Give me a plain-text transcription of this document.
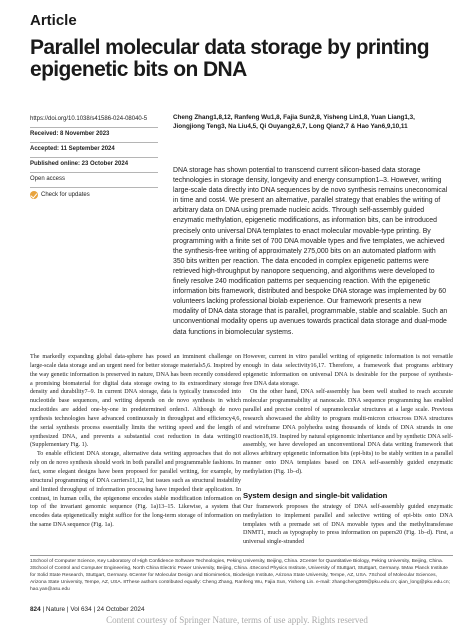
Article
Parallel molecular data storage by printing epigenetic bits on DNA
https://doi.org/10.1038/s41586-024-08040-5
Received: 8 November 2023
Accepted: 11 September 2024
Published online: 23 October 2024
Open access
Check for updates
Cheng Zhang1,8,12, Ranfeng Wu1,8, Fajia Sun2,8, Yisheng Lin1,8, Yuan Liang1,3, Jiongjiong Teng3, Na Liu4,5, Qi Ouyang2,6,7, Long Qian2,7 & Hao Yan6,9,10,11

DNA storage has shown potential to transcend current silicon-based data storage technologies in storage density, longevity and energy consumption1–3. However, writing large-scale data directly into DNA sequences by de novo synthesis remains uneconomical in time and cost4. We present an alternative, parallel strategy that enables the writing of arbitrary data on DNA using premade nucleic acids. Through self-assembly guided enzymatic methylation, epigenetic modifications, as information bits, can be introduced precisely onto universal DNA templates to enact molecular movable-type printing. By programming with a finite set of 700 DNA movable types and five templates, we achieved the synthesis-free writing of approximately 275,000 bits on an automated platform with 350 bits written per reaction. The data encoded in complex epigenetic patterns were retrieved high-throughput by nanopore sequencing, and algorithms were developed to finely resolve 240 modification patterns per sequencing reaction. With the epigenetic information bits framework, distributed and bespoke DNA storage was implemented by 60 volunteers lacking professional biolab experience. Our framework presents a new modality of DNA data storage that is parallel, programmable, stable and scalable. Such an unconventional modality opens up avenues towards practical data storage and dual-mode data functions in biomolecular systems.

The markedly expanding global data-sphere has posed an imminent challenge on large-scale data storage and an urgent need for better storage materials5,6. Inspired by the way genetic information is preserved in nature, DNA has been recently considered a promising biomaterial for digital data storage owing to its extraordinary storage density and durability7–9. In current DNA storage, data is typically transcoded into nucleotide base sequences, and writing depends on de novo synthesis in which nucleotides are added one-by-one in predetermined orders1. Although de novo synthesis technologies have advanced continuously in throughput and efficiency4,6, the serial synthesis process essentially limits the writing speed and the length of synthesized DNA, and prevents a substantial cost reduction in data writing10 (Supplementary Fig. 1).

To enable efficient DNA storage, alternative data writing approaches that do not rely on de novo synthesis should work in both parallel and programmable fashions. In fact, some elegant designs have been proposed for parallel writing, for example, by structural programming of DNA carriers11,12, but issues such as structural instability and limited throughput of information processing have impeded their application. In contrast, in human cells, the epigenome encodes stable modification information on top of the invariant genomic sequence (Fig. 1a)13–15. Likewise, a system that encodes data epigenetically might suffice for the long-term storage of information on the same DNA sequence (Fig. 1a).

However, current in vitro parallel writing of epigenetic information is not versatile enough in data selectivity16,17. Therefore, a framework that programs arbitrary epigenetic information on universal DNA is desirable for the purpose of synthesis-free DNA data storage.

On the other hand, DNA self-assembly has been well studied to reach accurate molecular programmability at nanoscale. DNA sequence programming has enabled parallel and precise control of supramolecular structures at a large scale. Previous research showcased the ability to program multi-micron crisscross DNA structures and wireframe DNA polyhedra using thousands of kinds of DNA strands in one reaction18,19. Inspired by natural epigenomic inheritance and by synthetic DNA self-assembly, we have developed an unconventional DNA data writing framework that allows arbitrary epigenetic information bits (epi-bits) to be stably written in a parallel manner onto DNA templates based on DNA self-assembly guided enzymatic methylation (Fig. 1b–d).

System design and single-bit validation

Our framework proposes the strategy of DNA self-assembly guided enzymatic methylation to implement parallel and selective writing of epi-bits onto DNA templates with a premade set of DNA movable types and the methyltransferase DNMT1, much as typography to press information on papers20 (Fig. 1b–d). First, a universal single-stranded

1School of Computer Science, Key Laboratory of High Confidence Software Technologies, Peking University, Beijing, China. 2Center for Quantitative Biology, Peking University, Beijing, China. 3School of Control and Computer Engineering, North China Electric Power University, Beijing, China. 4Second Physics Institute, University of Stuttgart, Stuttgart, Germany. 5Max Planck Institute for Solid State Research, Stuttgart, Germany. 6Center for Molecular Design and Biomimetics, Biodesign Institute, Arizona State University, Tempe, AZ, USA. 7School of Molecular Sciences, Arizona State University, Tempe, AZ, USA. 8These authors contributed equally: Cheng Zhang, Ranfeng Wu, Fajia Sun, Yisheng Lin. e-mail: zhangcheng369@pku.edu.cn; qian_long@pku.edu.cn; hao.yan@asu.edu
824 | Nature | Vol 634 | 24 October 2024
Content courtesy of Springer Nature, terms of use apply. Rights reserved
